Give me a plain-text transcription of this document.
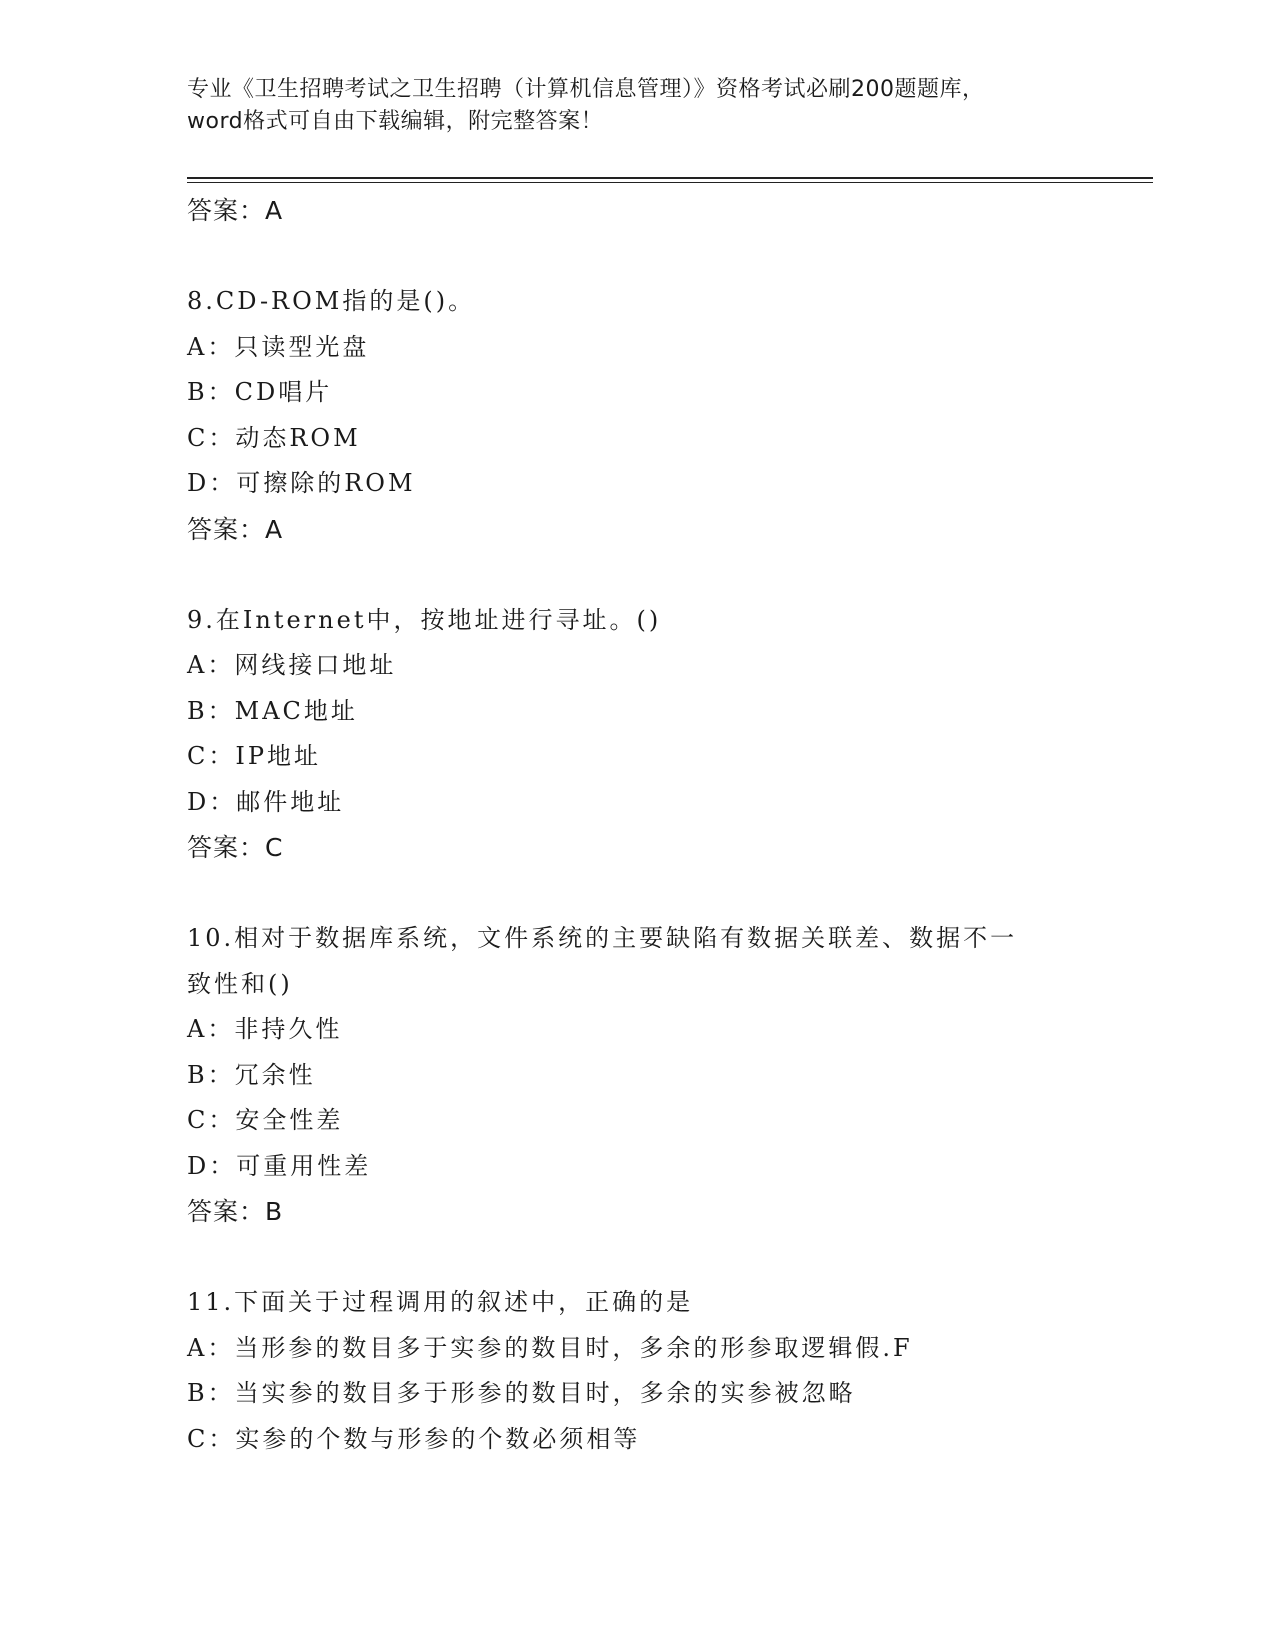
专业《卫生招聘考试之卫生招聘（计算机信息管理）》资格考试必刷200题题库，
word格式可自由下载编辑，附完整答案！
答案：A
8.CD-ROM指的是()。
A：只读型光盘
B：CD唱片
C：动态ROM
D：可擦除的ROM
答案：A
9.在Internet中，按地址进行寻址。()
A：网线接口地址
B：MAC地址
C：IP地址
D：邮件地址
答案：C
10.相对于数据库系统，文件系统的主要缺陷有数据关联差、数据不一
致性和()
A：非持久性
B：冗余性
C：安全性差
D：可重用性差
答案：B
11.下面关于过程调用的叙述中，正确的是
A：当形参的数目多于实参的数目时，多余的形参取逻辑假.F
B：当实参的数目多于形参的数目时，多余的实参被忽略
C：实参的个数与形参的个数必须相等
